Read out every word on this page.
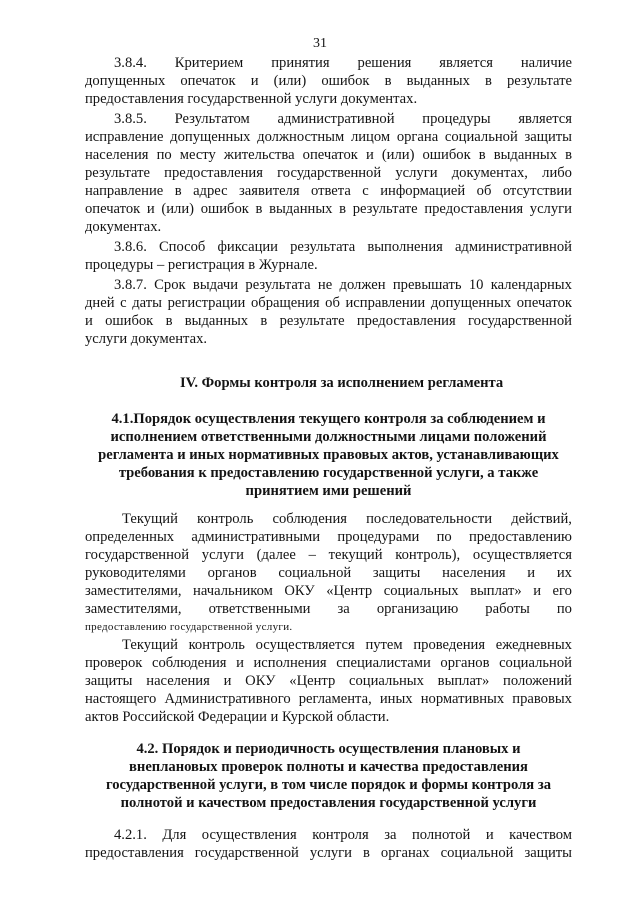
31
3.8.4. Критерием принятия решения является наличие
допущенных опечаток и (или) ошибок в выданных в результате
предоставления государственной услуги документах.
3.8.5. Результатом административной процедуры является
исправление допущенных должностным лицом органа социальной защиты
населения по месту жительства опечаток и (или) ошибок в выданных в
результате предоставления государственной услуги документах, либо
направление в адрес заявителя ответа с информацией об отсутствии
опечаток и (или) ошибок в выданных в результате предоставления услуги
документах.
3.8.6. Способ фиксации результата выполнения административной
процедуры – регистрация в Журнале.
3.8.7. Срок выдачи результата не должен превышать 10 календарных
дней с даты регистрации обращения об исправлении допущенных опечаток
и ошибок в выданных в результате предоставления государственной
услуги документах.
IV. Формы контроля за исполнением регламента
4.1.Порядок осуществления текущего контроля за соблюдением и
исполнением ответственными должностными лицами положений
регламента и иных нормативных правовых актов, устанавливающих
требования к предоставлению государственной услуги, а также
принятием ими решений
Текущий контроль соблюдения последовательности действий,
определенных административными процедурами по предоставлению
государственной услуги (далее – текущий контроль), осуществляется
руководителями органов социальной защиты населения и их
заместителями, начальником ОКУ «Центр социальных выплат» и его
заместителями, ответственными за организацию работы по
предоставлению государственной услуги.
Текущий контроль осуществляется путем проведения ежедневных
проверок соблюдения и исполнения специалистами органов социальной
защиты населения и ОКУ «Центр социальных выплат» положений
настоящего Административного регламента, иных нормативных правовых
актов Российской Федерации и Курской области.
4.2. Порядок и периодичность осуществления плановых и
внеплановых проверок полноты и качества предоставления
государственной услуги, в том числе порядок и формы контроля за
полнотой и качеством предоставления государственной услуги
4.2.1. Для осуществления контроля за полнотой и качеством
предоставления государственной услуги в органах социальной защиты
